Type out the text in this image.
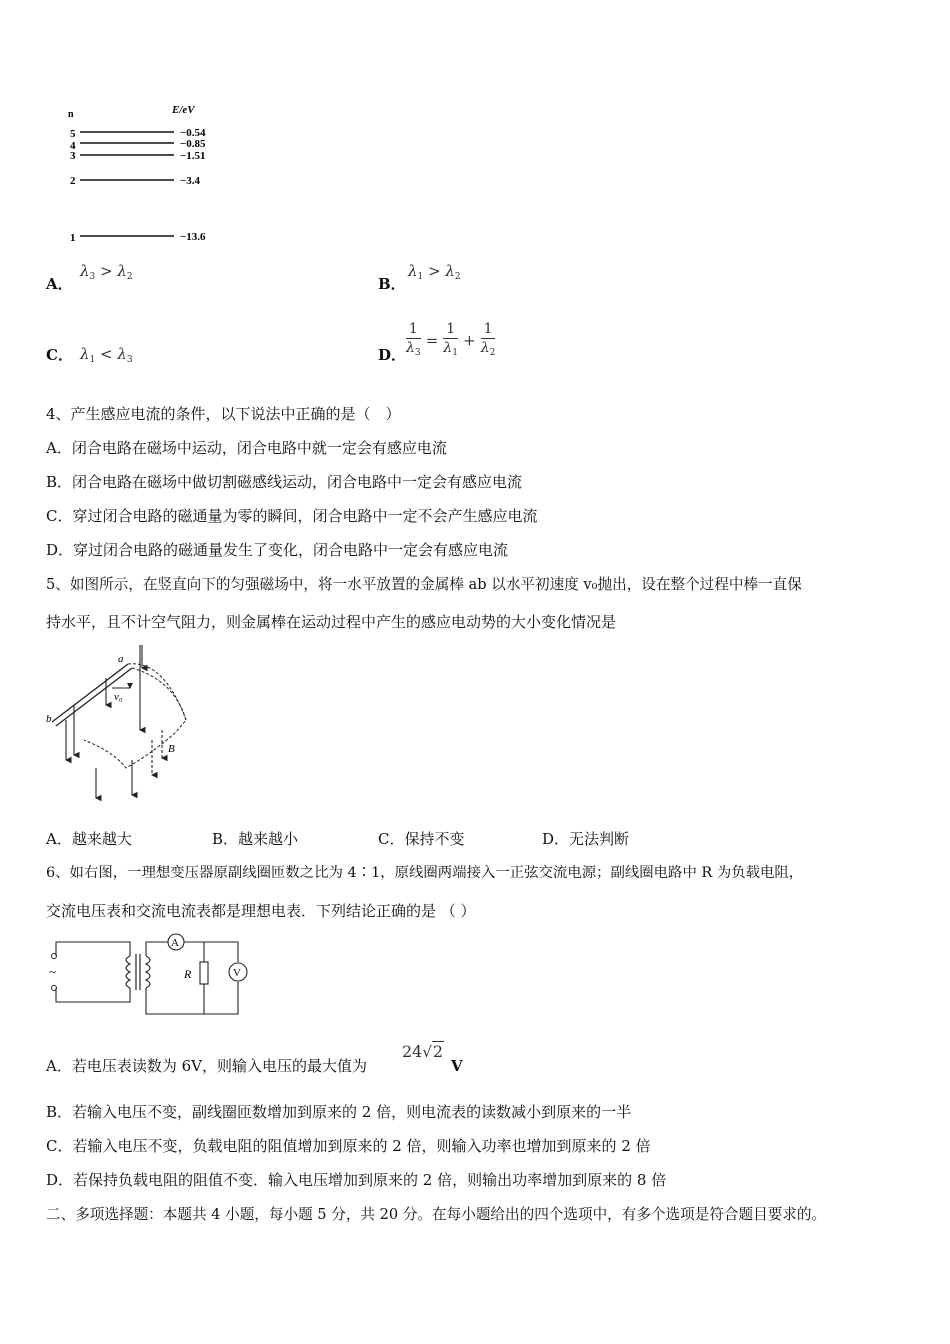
n	E/eV
5	−0.54
4	−0.85
3	−1.51
2	−3.4
1	−13.6
A．
$\lambda_3 > \lambda_2$	B．
$\lambda_1 > \lambda_2$
C． $\lambda_1 < \lambda_3$	D． $\frac{1}{\lambda_3} = \frac{1}{\lambda_1} + \frac{1}{\lambda_2}$
4、产生感应电流的条件，以下说法中正确的是（　）
A．闭合电路在磁场中运动，闭合电路中就一定会有感应电流
B．闭合电路在磁场中做切割磁感线运动，闭合电路中一定会有感应电流
C．穿过闭合电路的磁通量为零的瞬间，闭合电路中一定不会产生感应电流
D．穿过闭合电路的磁通量发生了变化，闭合电路中一定会有感应电流
5、如图所示，在竖直向下的匀强磁场中，将一水平放置的金属棒 ab 以水平初速度 v₀抛出，设在整个过程中棒一直保
持水平，且不计空气阻力，则金属棒在运动过程中产生的感应电动势的大小变化情况是
a
b
v₀
B
A．越来越大	B．越来越小	C．保持不变	D．无法判断
6、如右图，一理想变压器原副线圈匝数之比为 4∶1，原线圈两端接入一正弦交流电源；副线圈电路中 R 为负载电阻，
交流电压表和交流电流表都是理想电表．下列结论正确的是 （ ）
~
A
R	V
A．若电压表读数为 6V，则输入电压的最大值为
24√2
V
B．若输入电压不变，副线圈匝数增加到原来的 2 倍，则电流表的读数减小到原来的一半
C．若输入电压不变，负载电阻的阻值增加到原来的 2 倍，则输入功率也增加到原来的 2 倍
D．若保持负载电阻的阻值不变．输入电压增加到原来的 2 倍，则输出功率增加到原来的 8 倍
二、多项选择题：本题共 4 小题，每小题 5 分，共 20 分。在每小题给出的四个选项中，有多个选项是符合题目要求的。
